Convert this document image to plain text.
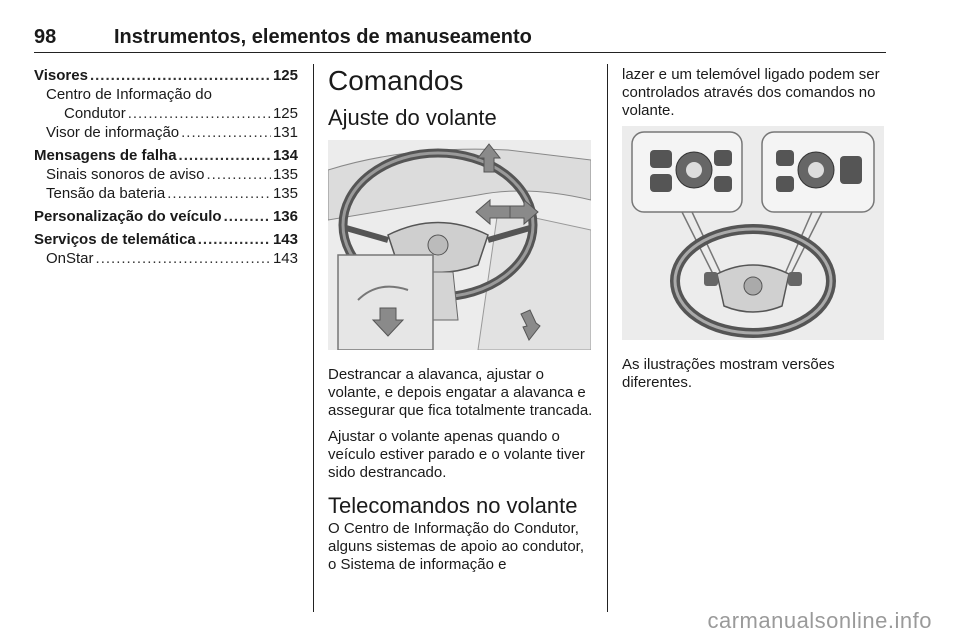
98	Instrumentos, elementos de manuseamento
Visores .....	125
Centro de Informação do
Condutor .....	125
Visor de informação .....	131
Mensagens de falha .....	134
Sinais sonoros de aviso .....	135
Tensão da bateria .....	135
Personalização do veículo .....	136
Serviços de telemática .....	143
OnStar .....	143
Comandos
Ajuste do volante

Destrancar a alavanca, ajustar o volante, e depois engatar a alavanca e assegurar que fica totalmente trancada.

Ajustar o volante apenas quando o veículo estiver parado e o volante tiver sido destrancado.

Telecomandos no volante

O Centro de Informação do Condutor, alguns sistemas de apoio ao condutor, o Sistema de informação e

lazer e um telemóvel ligado podem ser controlados através dos comandos no volante.

As ilustrações mostram versões diferentes.

carmanualsonline.info
